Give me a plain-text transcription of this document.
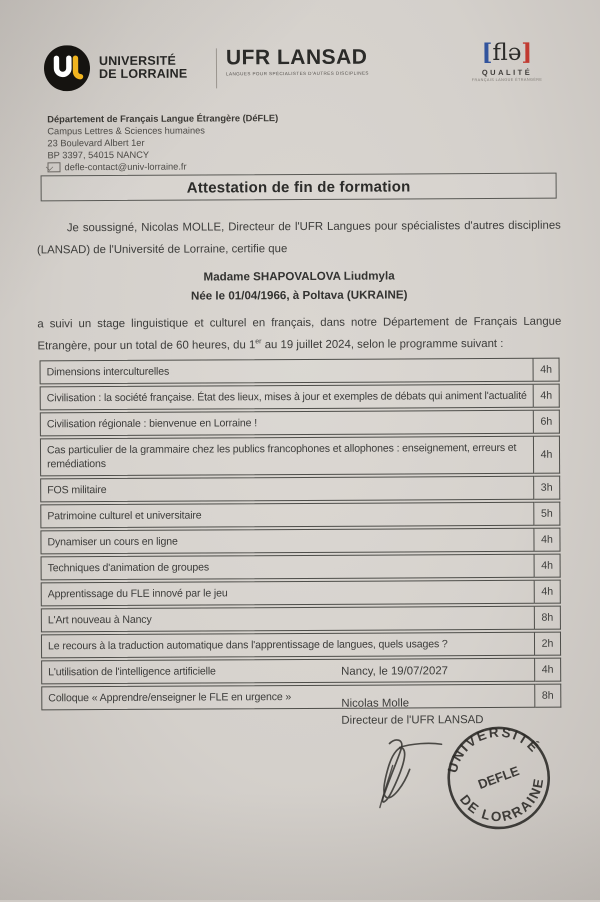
UNIVERSITÉ
DE LORRAINE
UFR LANSAD
LANGUES POUR SPÉCIALISTES D'AUTRES DISCIPLINES
[flə]
QUALITÉ
FRANÇAIS LANGUE ÉTRANGÈRE
Département de Français Langue Étrangère (DéFLE)
Campus Lettres & Sciences humaines
23 Boulevard Albert 1er
BP 3397, 54015 NANCY
defle-contact@univ-lorraine.fr
Attestation de fin de formation
Je soussigné, Nicolas MOLLE, Directeur de l'UFR Langues pour spécialistes d'autres disciplines (LANSAD) de l'Université de Lorraine, certifie que
Madame SHAPOVALOVA Liudmyla
Née le 01/04/1966, à Poltava (UKRAINE)
a suivi un stage linguistique et culturel en français, dans notre Département de Français Langue Etrangère, pour un total de 60 heures, du 1er au 19 juillet 2024, selon le programme suivant :
Dimensions interculturelles	4h

Civilisation : la société française. État des lieux, mises à jour et exemples de débats qui animent l'actualité	4h

Civilisation régionale : bienvenue en Lorraine !	6h

Cas particulier de la grammaire chez les publics francophones et allophones : enseignement, erreurs et remédiations	4h

FOS militaire	3h

Patrimoine culturel et universitaire	5h

Dynamiser un cours en ligne	4h

Techniques d'animation de groupes	4h

Apprentissage du FLE innové par le jeu	4h

L'Art nouveau à Nancy	8h

Le recours à la traduction automatique dans l'apprentissage de langues, quels usages ?	2h

L'utilisation de l'intelligence artificielle	4h

Colloque « Apprendre/enseigner le FLE en urgence »	8h
Nancy, le 19/07/2027
Nicolas Molle
Directeur de l'UFR LANSAD
UNIVERSITÉ
DE LORRAINE
DEFLE
